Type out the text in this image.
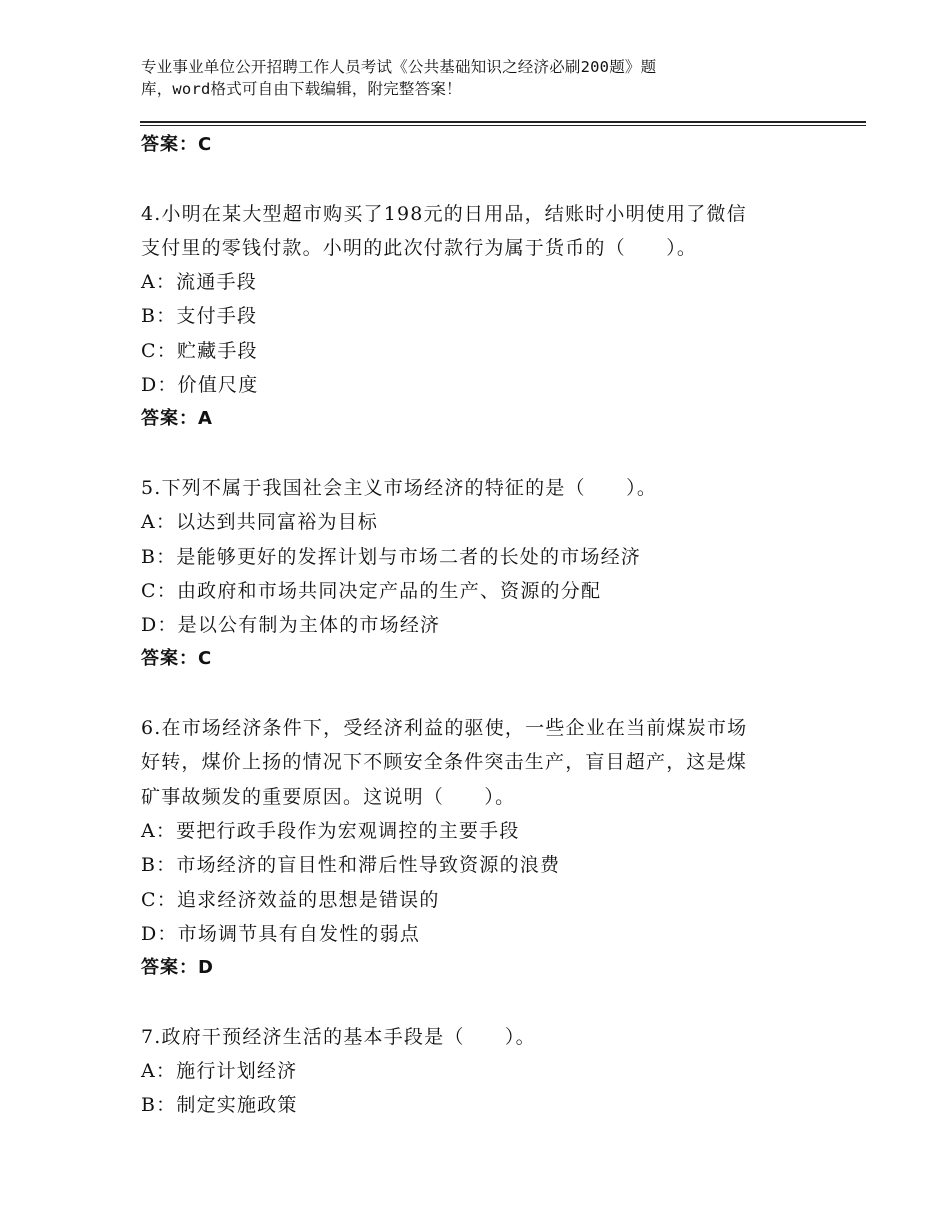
专业事业单位公开招聘工作人员考试《公共基础知识之经济必刷200题》题
库，word格式可自由下载编辑，附完整答案！
答案：C
4.小明在某大型超市购买了198元的日用品，结账时小明使用了微信
支付里的零钱付款。小明的此次付款行为属于货币的（　　）。
A：流通手段
B：支付手段
C：贮藏手段
D：价值尺度
答案：A
5.下列不属于我国社会主义市场经济的特征的是（　　）。
A：以达到共同富裕为目标
B：是能够更好的发挥计划与市场二者的长处的市场经济
C：由政府和市场共同决定产品的生产、资源的分配
D：是以公有制为主体的市场经济
答案：C
6.在市场经济条件下，受经济利益的驱使，一些企业在当前煤炭市场
好转，煤价上扬的情况下不顾安全条件突击生产，盲目超产，这是煤
矿事故频发的重要原因。这说明（　　）。
A：要把行政手段作为宏观调控的主要手段
B：市场经济的盲目性和滞后性导致资源的浪费
C：追求经济效益的思想是错误的
D：市场调节具有自发性的弱点
答案：D
7.政府干预经济生活的基本手段是（　　）。
A：施行计划经济
B：制定实施政策
